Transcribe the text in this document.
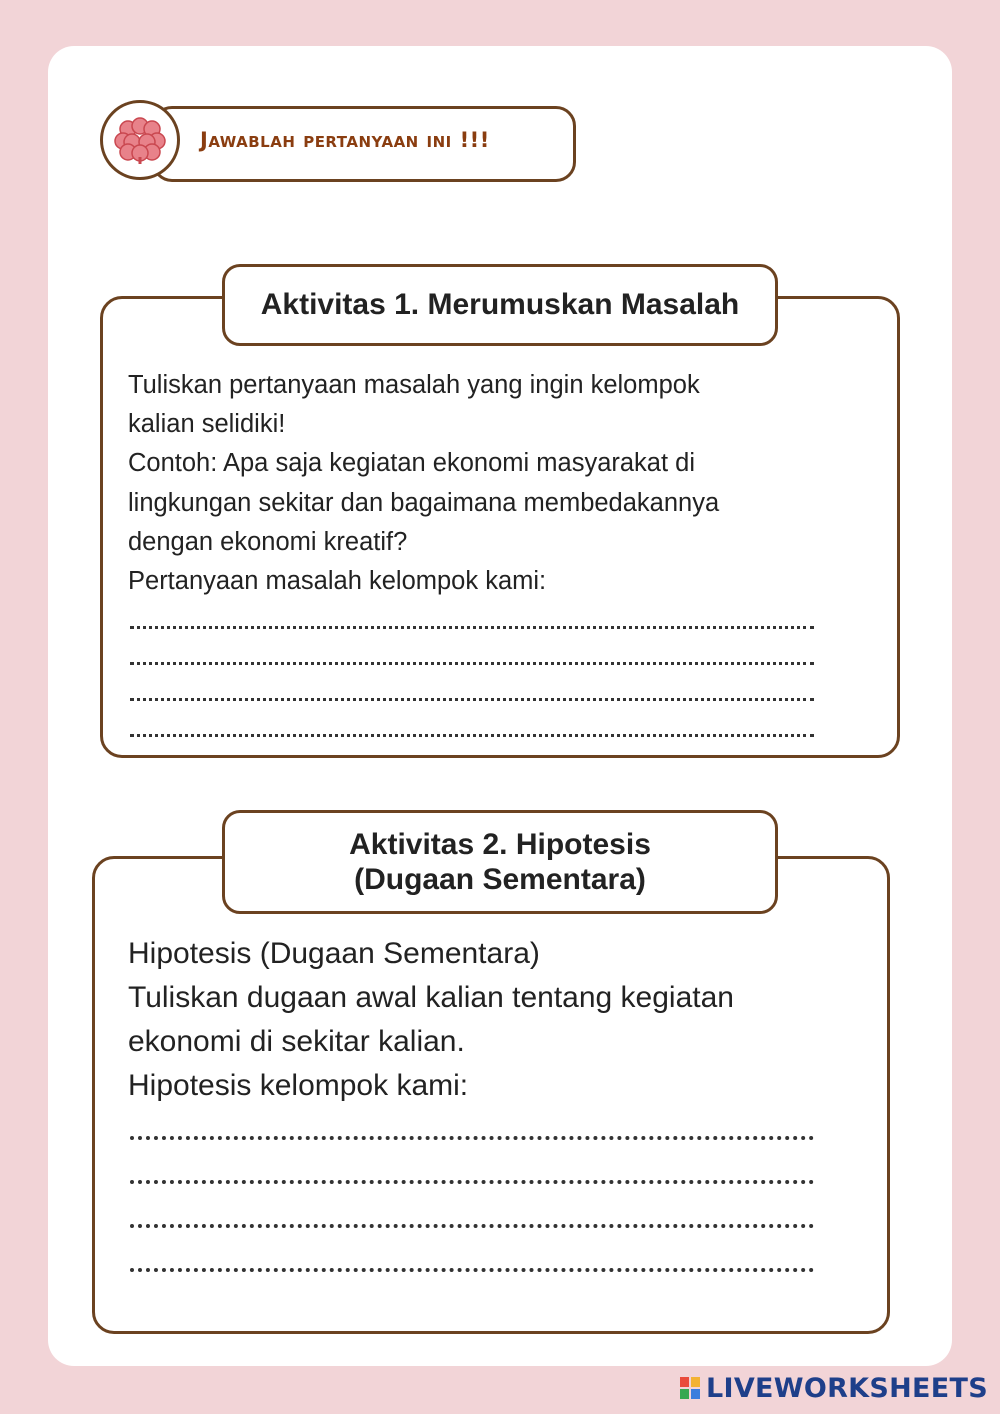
Jawablah pertanyaan ini !!!
Aktivitas 1. Merumuskan Masalah
Tuliskan pertanyaan masalah yang ingin kelompok
kalian selidiki!
Contoh: Apa saja kegiatan ekonomi masyarakat di
lingkungan sekitar dan bagaimana membedakannya
dengan ekonomi kreatif?
Pertanyaan masalah kelompok kami:
Aktivitas 2. Hipotesis
(Dugaan Sementara)
Hipotesis (Dugaan Sementara)
Tuliskan dugaan awal kalian tentang kegiatan
ekonomi di sekitar kalian.
Hipotesis kelompok kami:
LIVEWORKSHEETS
